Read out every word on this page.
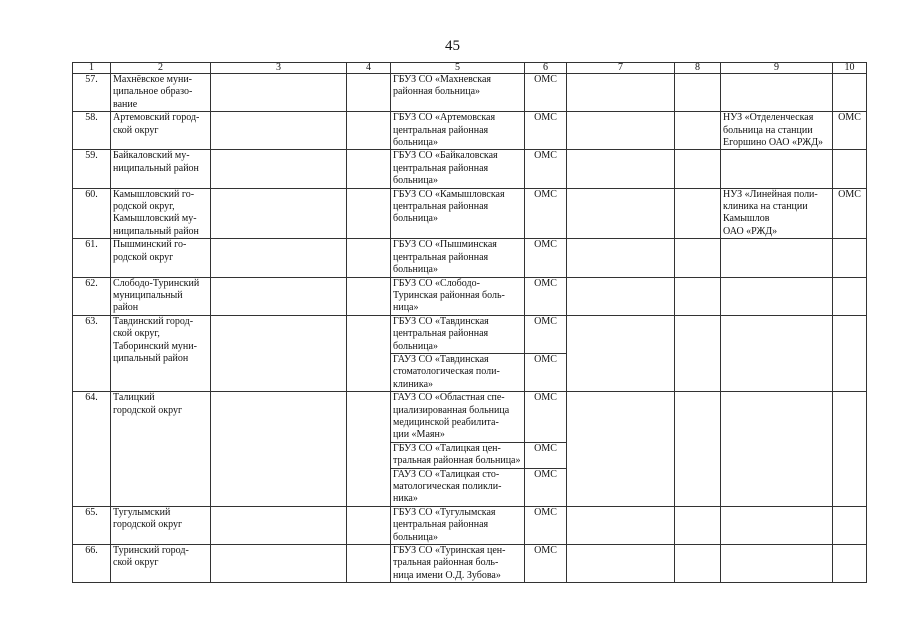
45
1	2	3	4	5	6	7	8	9	10
57.	Махнёвское муни-
ципальное образо-
вание			ГБУЗ СО «Махневская
районная больница»	ОМС				
58.	Артемовский город-
ской округ			ГБУЗ СО «Артемовская
центральная районная
больница»	ОМС			НУЗ «Отделенческая
больница на станции
Егоршино ОАО «РЖД»	ОМС
59.	Байкаловский му-
ниципальный район			ГБУЗ СО «Байкаловская
центральная районная
больница»	ОМС				
60.	Камышловский го-
родской округ,
Камышловский му-
ниципальный район			ГБУЗ СО «Камышловская
центральная районная
больница»	ОМС			НУЗ «Линейная поли-
клиника на станции
Камышлов
ОАО «РЖД»	ОМС
61.	Пышминский го-
родской округ			ГБУЗ СО «Пышминская
центральная районная
больница»	ОМС				
62.	Слободо-Туринский
муниципальный
район			ГБУЗ СО «Слободо-
Туринская районная боль-
ница»	ОМС				
63.	Тавдинский город-
ской округ,
Таборинский муни-
ципальный район			ГБУЗ СО «Тавдинская
центральная районная
больница»	ОМС				
				ГАУЗ СО «Тавдинская
стоматологическая поли-
клиника»	ОМС				
64.	Талицкий
городской округ			ГАУЗ СО «Областная спе-
циализированная больница
медицинской реабилита-
ции «Маян»	ОМС				
				ГБУЗ СО «Талицкая цен-
тральная районная больница»	ОМС				
				ГАУЗ СО «Талицкая сто-
матологическая поликли-
ника»	ОМС				
65.	Тугулымский
городской округ			ГБУЗ СО «Тугулымская
центральная районная
больница»	ОМС				
66.	Туринский город-
ской округ			ГБУЗ СО «Туринская цен-
тральная районная боль-
ница имени О.Д. Зубова»	ОМС				
